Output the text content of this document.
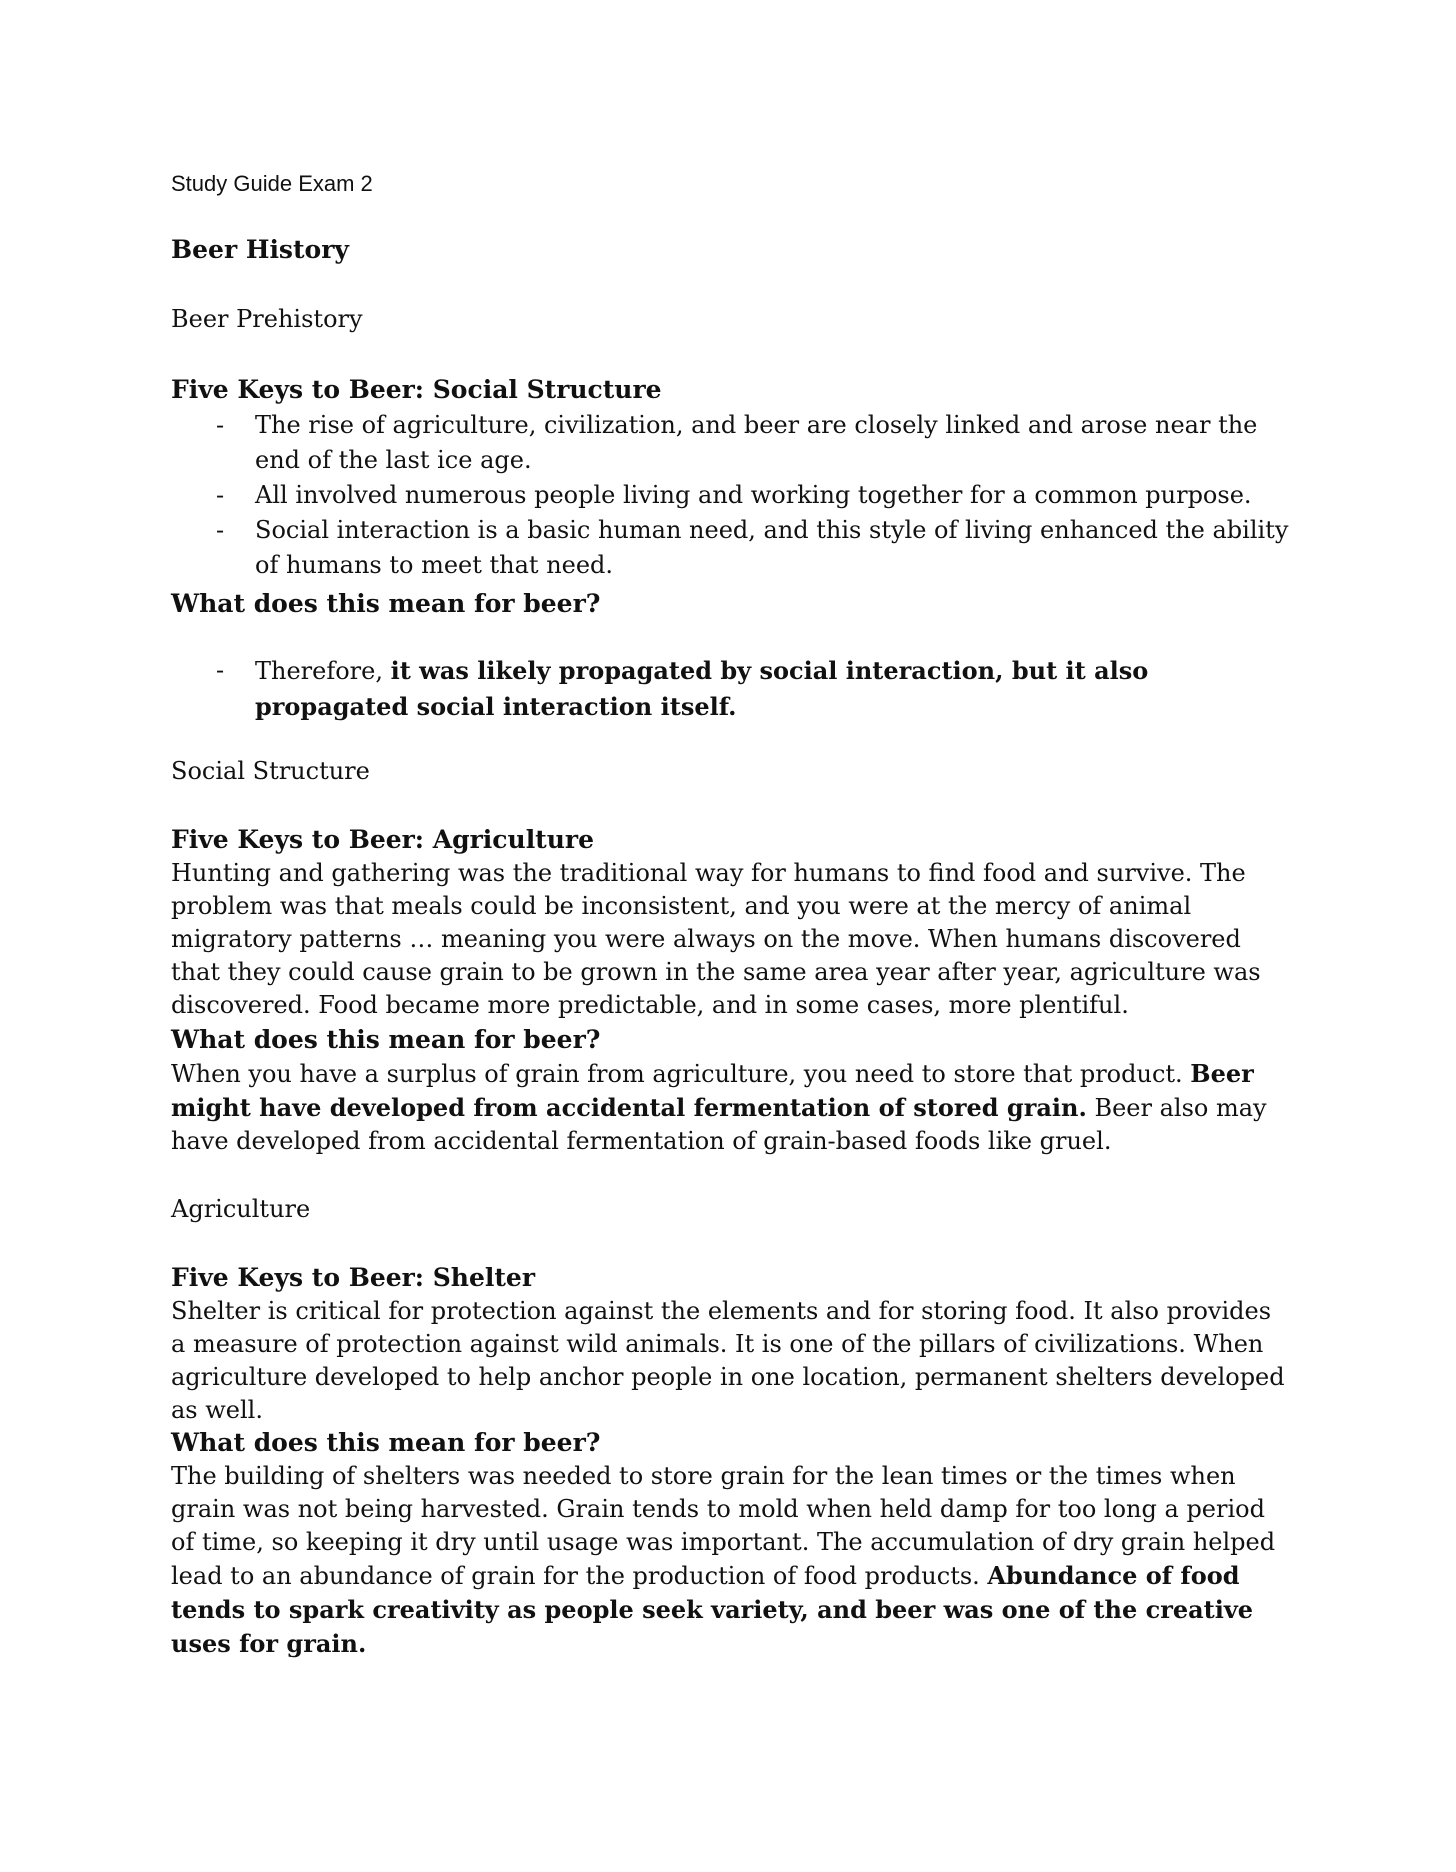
Study Guide Exam 2
Beer History
Beer Prehistory
Five Keys to Beer: Social Structure
- The rise of agriculture, civilization, and beer are closely linked and arose near the end of the last ice age.
- All involved numerous people living and working together for a common purpose.
- Social interaction is a basic human need, and this style of living enhanced the ability of humans to meet that need.
What does this mean for beer?
- Therefore, it was likely propagated by social interaction, but it also propagated social interaction itself.
Social Structure
Five Keys to Beer: Agriculture
Hunting and gathering was the traditional way for humans to find food and survive. The problem was that meals could be inconsistent, and you were at the mercy of animal migratory patterns … meaning you were always on the move. When humans discovered that they could cause grain to be grown in the same area year after year, agriculture was discovered. Food became more predictable, and in some cases, more plentiful.
What does this mean for beer?
When you have a surplus of grain from agriculture, you need to store that product. Beer might have developed from accidental fermentation of stored grain. Beer also may have developed from accidental fermentation of grain-based foods like gruel.
Agriculture
Five Keys to Beer: Shelter
Shelter is critical for protection against the elements and for storing food. It also provides a measure of protection against wild animals. It is one of the pillars of civilizations. When agriculture developed to help anchor people in one location, permanent shelters developed as well.
What does this mean for beer?
The building of shelters was needed to store grain for the lean times or the times when grain was not being harvested. Grain tends to mold when held damp for too long a period of time, so keeping it dry until usage was important. The accumulation of dry grain helped lead to an abundance of grain for the production of food products. Abundance of food tends to spark creativity as people seek variety, and beer was one of the creative uses for grain.
